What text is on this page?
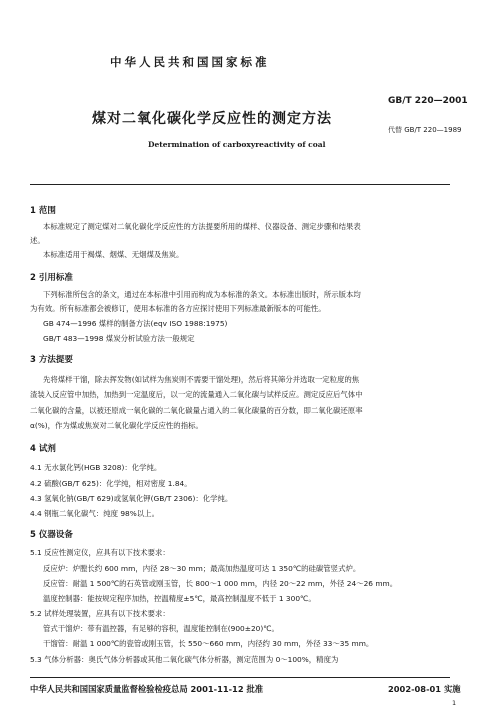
中华人民共和国国家标准
GB/T 220—2001
煤对二氧化碳化学反应性的测定方法
代替 GB/T 220—1989
Determination of carboxyreactivity of coal
1 范围
本标准规定了测定煤对二氧化碳化学反应性的方法提要所用的煤样、仪器设备、测定步骤和结果表
述。
本标准适用于褐煤、烟煤、无烟煤及焦炭。
2 引用标准
下列标准所包含的条文，通过在本标准中引用而构成为本标准的条文。本标准出版时，所示版本均
为有效。所有标准都会被修订，使用本标准的各方应探讨使用下列标准最新版本的可能性。
GB 474—1996 煤样的制备方法(eqv ISO 1988:1975)
GB/T 483—1998 煤炭分析试验方法一般规定
3 方法提要
先将煤样干馏，除去挥发物(如试样为焦炭则不需要干馏处理)，然后将其筛分并选取一定粒度的焦
渣装入反应管中加热，加热到一定温度后，以一定的流量通入二氧化碳与试样反应。测定反应后气体中
二氧化碳的含量，以被还原成一氧化碳的二氧化碳量占通入的二氧化碳量的百分数，即二氧化碳还原率
α(%)，作为煤或焦炭对二氧化碳化学反应性的指标。
4 试剂
4.1 无水氯化钙(HGB 3208)：化学纯。
4.2 硫酸(GB/T 625)：化学纯，相对密度 1.84。
4.3 氢氧化钠(GB/T 629)或氢氧化钾(GB/T 2306)：化学纯。
4.4 钢瓶二氧化碳气：纯度 98%以上。
5 仪器设备
5.1 反应性测定仪，应具有以下技术要求：
反应炉：炉膛长约 600 mm，内径 28～30 mm；最高加热温度可达 1 350℃的硅碳管竖式炉。
反应管：耐温 1 500℃的石英管或刚玉管，长 800～1 000 mm，内径 20～22 mm，外径 24～26 mm。
温度控制器：能按规定程序加热，控温精度±5℃，最高控制温度不低于 1 300℃。
5.2 试样处理装置，应具有以下技术要求：
管式干馏炉：带有温控器，有足够的容积，温度能控制在(900±20)℃。
干馏管：耐温 1 000℃的瓷管或刚玉管，长 550～660 mm，内径约 30 mm，外径 33～35 mm。
5.3 气体分析器：奥氏气体分析器或其他二氧化碳气体分析器，测定范围为 0～100%，精度为
中华人民共和国国家质量监督检验检疫总局 2001-11-12 批准	2002-08-01 实施
1
